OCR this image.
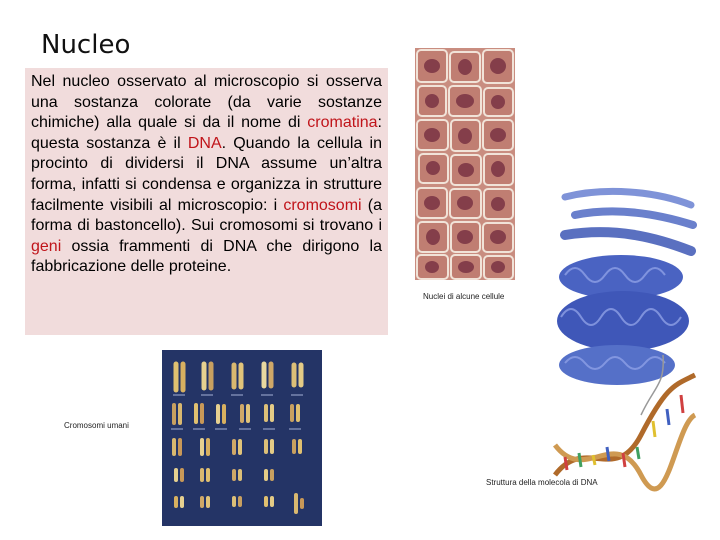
Nucleo
Nel nucleo osservato al microscopio si osserva una sostanza colorate (da varie sostanze chimiche) alla quale si da il nome di cromatina: questa sostanza è il DNA. Quando la cellula in procinto di dividersi il DNA assume un’altra forma, infatti si condensa e organizza in strutture facilmente visibili al microscopio: i cromosomi (a forma di bastoncello). Sui cromosomi si trovano i geni ossia frammenti di DNA che dirigono la fabbricazione delle proteine.
Nuclei di alcune cellule
Cromosomi umani
Struttura della molecola di DNA
